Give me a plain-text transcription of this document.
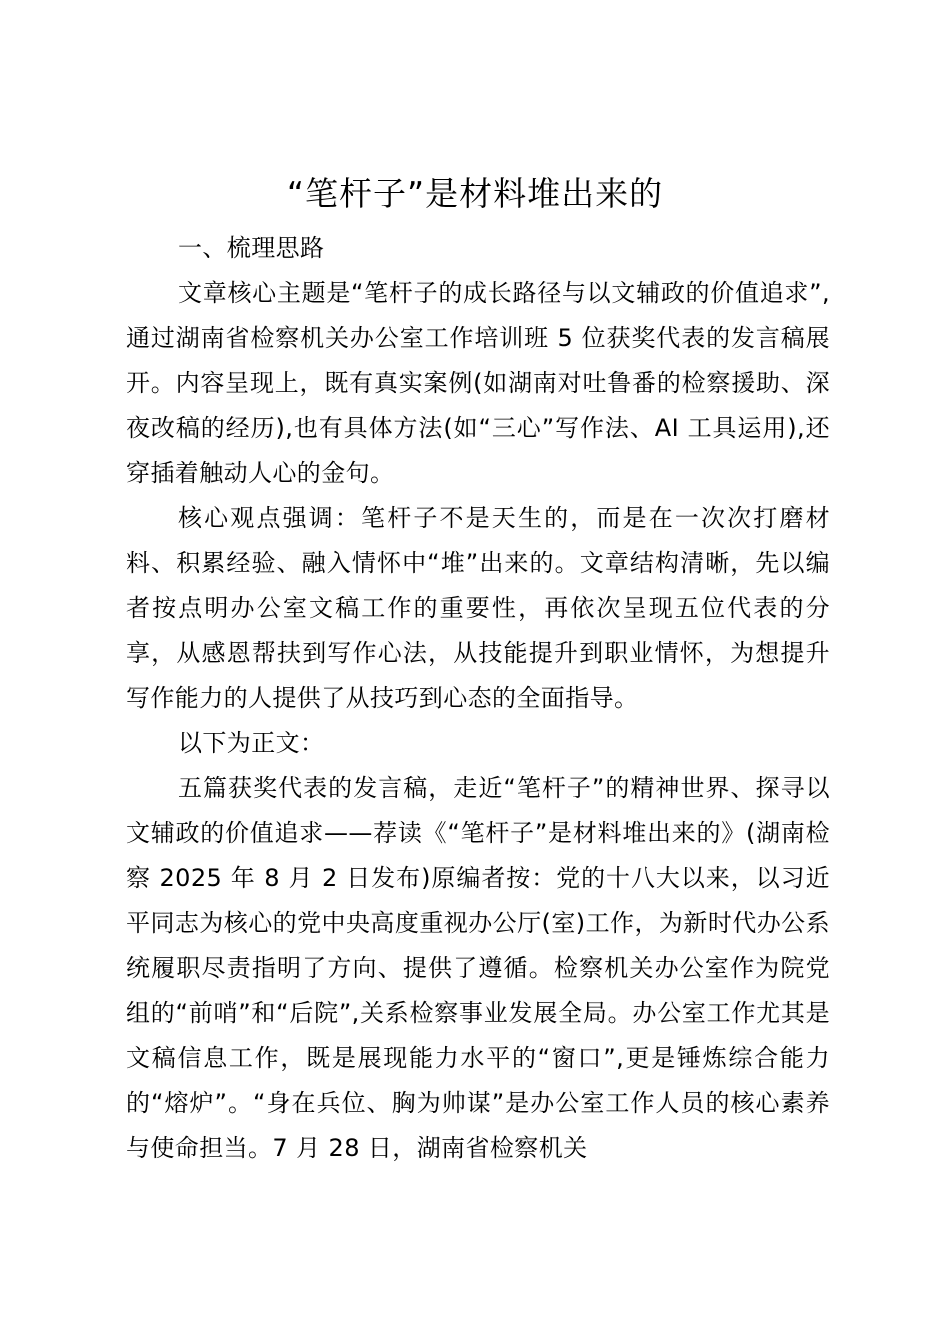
“笔杆子”是材料堆出来的

一、梳理思路

文章核心主题是“笔杆子的成长路径与以文辅政的价值追求”,通过湖南省检察机关办公室工作培训班 5 位获奖代表的发言稿展开。内容呈现上，既有真实案例(如湖南对吐鲁番的检察援助、深夜改稿的经历),也有具体方法(如“三心”写作法、AI 工具运用),还穿插着触动人心的金句。

核心观点强调：笔杆子不是天生的，而是在一次次打磨材料、积累经验、融入情怀中“堆”出来的。文章结构清晰，先以编者按点明办公室文稿工作的重要性，再依次呈现五位代表的分享，从感恩帮扶到写作心法，从技能提升到职业情怀，为想提升写作能力的人提供了从技巧到心态的全面指导。

以下为正文：

五篇获奖代表的发言稿，走近“笔杆子”的精神世界、探寻以文辅政的价值追求——荐读《“笔杆子”是材料堆出来的》(湖南检察 2025 年 8 月 2 日发布)原编者按：党的十八大以来，以习近平同志为核心的党中央高度重视办公厅(室)工作，为新时代办公系统履职尽责指明了方向、提供了遵循。检察机关办公室作为院党组的“前哨”和“后院”,关系检察事业发展全局。办公室工作尤其是文稿信息工作，既是展现能力水平的“窗口”,更是锤炼综合能力的“熔炉”。“身在兵位、胸为帅谋”是办公室工作人员的核心素养与使命担当。7 月 28 日，湖南省检察机关
